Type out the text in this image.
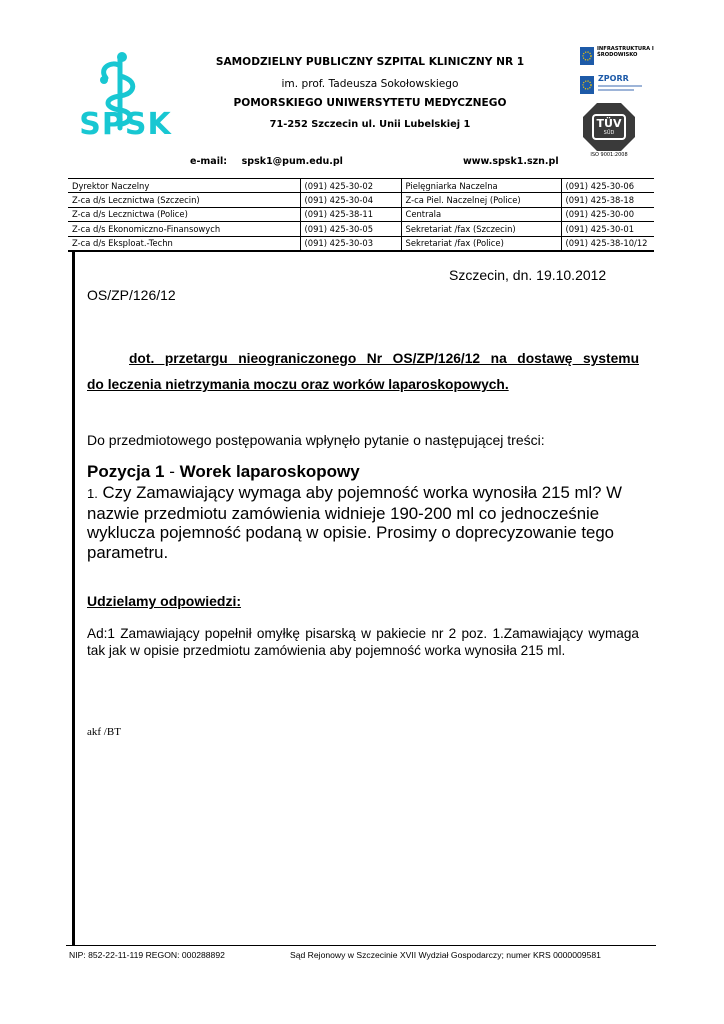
SPSK
SAMODZIELNY PUBLICZNY SZPITAL KLINICZNY NR 1
im. prof. Tadeusza Sokołowskiego
POMORSKIEGO UNIWERSYTETU MEDYCZNEGO
71-252 Szczecin ul. Unii Lubelskiej 1
e-mail: spsk1@pum.edu.pl	www.spsk1.szn.pl
INFRASTRUKTURA I ŚRODOWISKO
ZPORR
TÜV
SÜD
ISO 9001:2008
Dyrektor Naczelny	(091) 425-30-02	Pielęgniarka Naczelna	(091) 425-30-06
Z-ca d/s Lecznictwa (Szczecin)	(091) 425-30-04	Z-ca Piel. Naczelnej (Police)	(091) 425-38-18
Z-ca d/s Lecznictwa (Police)	(091) 425-38-11	Centrala	(091) 425-30-00
Z-ca d/s Ekonomiczno-Finansowych	(091) 425-30-05	Sekretariat /fax (Szczecin)	(091) 425-30-01
Z-ca d/s Eksploat.-Techn	(091) 425-30-03	Sekretariat /fax (Police)	(091) 425-38-10/12
Szczecin, dn. 19.10.2012
OS/ZP/126/12
dot. przetargu nieograniczonego Nr OS/ZP/126/12 na dostawę systemu
do leczenia nietrzymania moczu oraz worków laparoskopowych.
Do przedmiotowego postępowania wpłynęło pytanie o następującej treści:
Pozycja 1 - Worek laparoskopowy
1. Czy Zamawiający wymaga aby pojemność worka wynosiła 215 ml? W nazwie przedmiotu zamówienia widnieje 190-200 ml co jednocześnie wyklucza pojemność podaną w opisie. Prosimy o doprecyzowanie tego parametru.
Udzielamy odpowiedzi:
Ad:1 Zamawiający popełnił omyłkę pisarską w pakiecie nr 2 poz. 1.Zamawiający wymaga tak jak w opisie przedmiotu zamówienia aby pojemność worka wynosiła 215 ml.
akf /BT
NIP: 852-22-11-119 REGON: 000288892	Sąd Rejonowy w Szczecinie XVII Wydział Gospodarczy; numer KRS 0000009581
